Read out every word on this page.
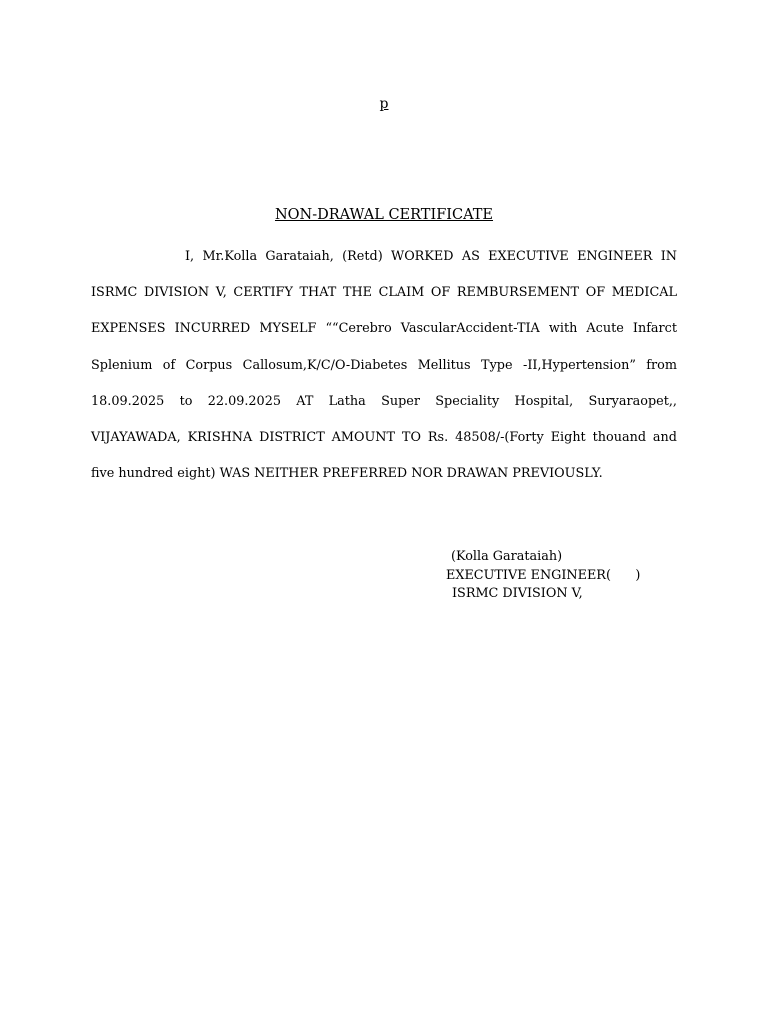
p
NON-DRAWAL CERTIFICATE

I, Mr.Kolla Garataiah, (Retd) WORKED AS EXECUTIVE ENGINEER IN ISRMC DIVISION V, CERTIFY THAT THE CLAIM OF REMBURSEMENT OF MEDICAL EXPENSES INCURRED MYSELF ““Cerebro VascularAccident-TIA with Acute Infarct Splenium of Corpus Callosum,K/C/O-Diabetes Mellitus Type -II,Hypertension” from 18.09.2025 to 22.09.2025 AT Latha Super Speciality Hospital, Suryaraopet,, VIJAYAWADA, KRISHNA DISTRICT AMOUNT TO Rs. 48508/-(Forty Eight thouand and five hundred eight) WAS NEITHER PREFERRED NOR DRAWAN PREVIOUSLY.

(Kolla Garataiah)
EXECUTIVE ENGINEER(      )
ISRMC DIVISION V,
